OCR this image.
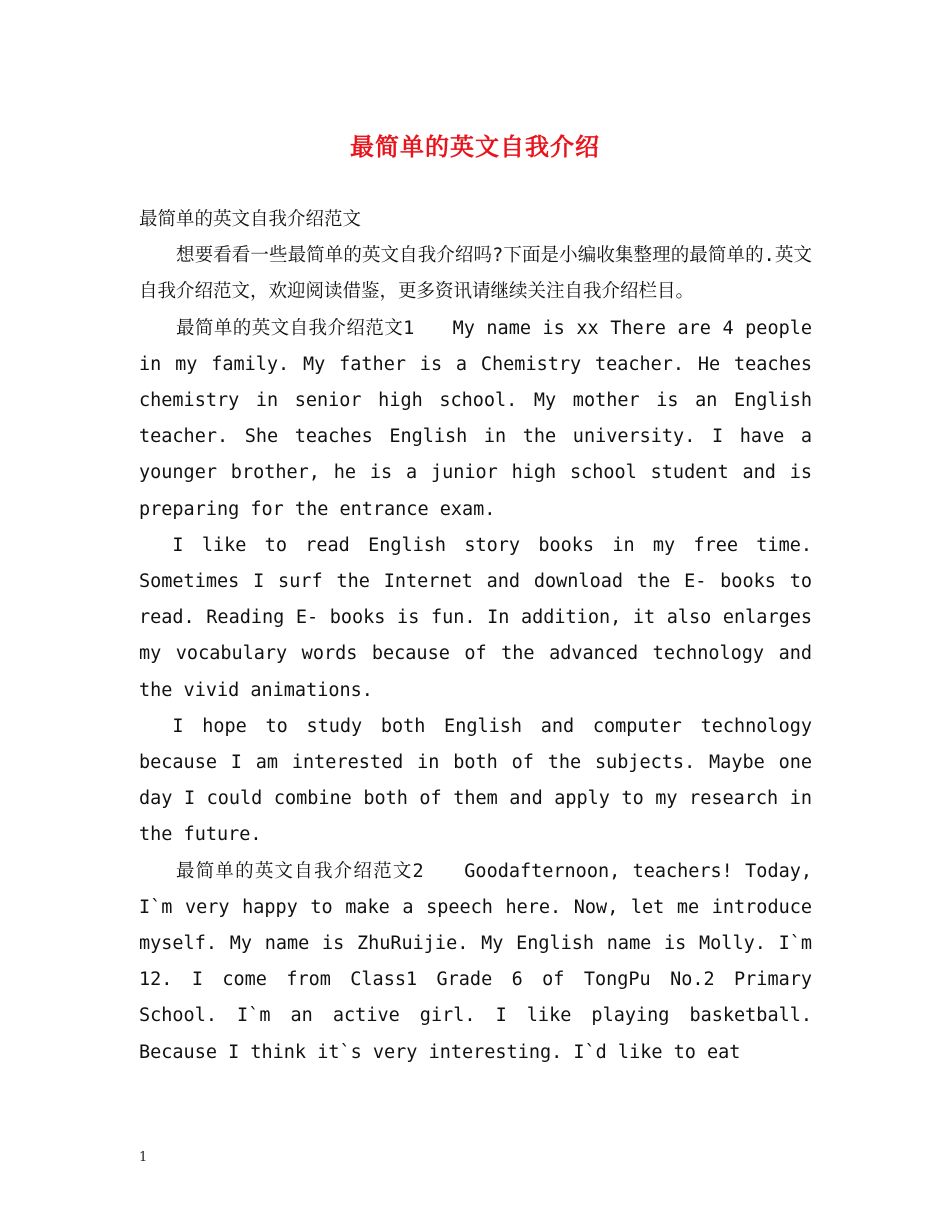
最简单的英文自我介绍

最简单的英文自我介绍范文

想要看看一些最简单的英文自我介绍吗?下面是小编收集整理的最简单的.英文自我介绍范文，欢迎阅读借鉴，更多资讯请继续关注自我介绍栏目。

最简单的英文自我介绍范文1　　My name is xx There are 4 people in my family. My father is a Chemistry teacher. He teaches chemistry in senior high school. My mother is an English teacher. She teaches English in the university. I have a younger brother, he is a junior high school student and is preparing for the entrance exam.

I like to read English story books in my free time. Sometimes I surf the Internet and download the E- books to read. Reading E- books is fun. In addition, it also enlarges my vocabulary words because of the advanced technology and the vivid animations.

I hope to study both English and computer technology because I am interested in both of the subjects. Maybe one day I could combine both of them and apply to my research in the future.

最简单的英文自我介绍范文2　　Goodafternoon, teachers! Today, I`m very happy to make a speech here. Now, let me introduce myself. My name is ZhuRuijie. My English name is Molly. I`m 12. I come from Class1 Grade 6 of TongPu No.2 Primary School. I`m an active girl. I like playing basketball. Because I think it`s very interesting. I`d like to eat

1
